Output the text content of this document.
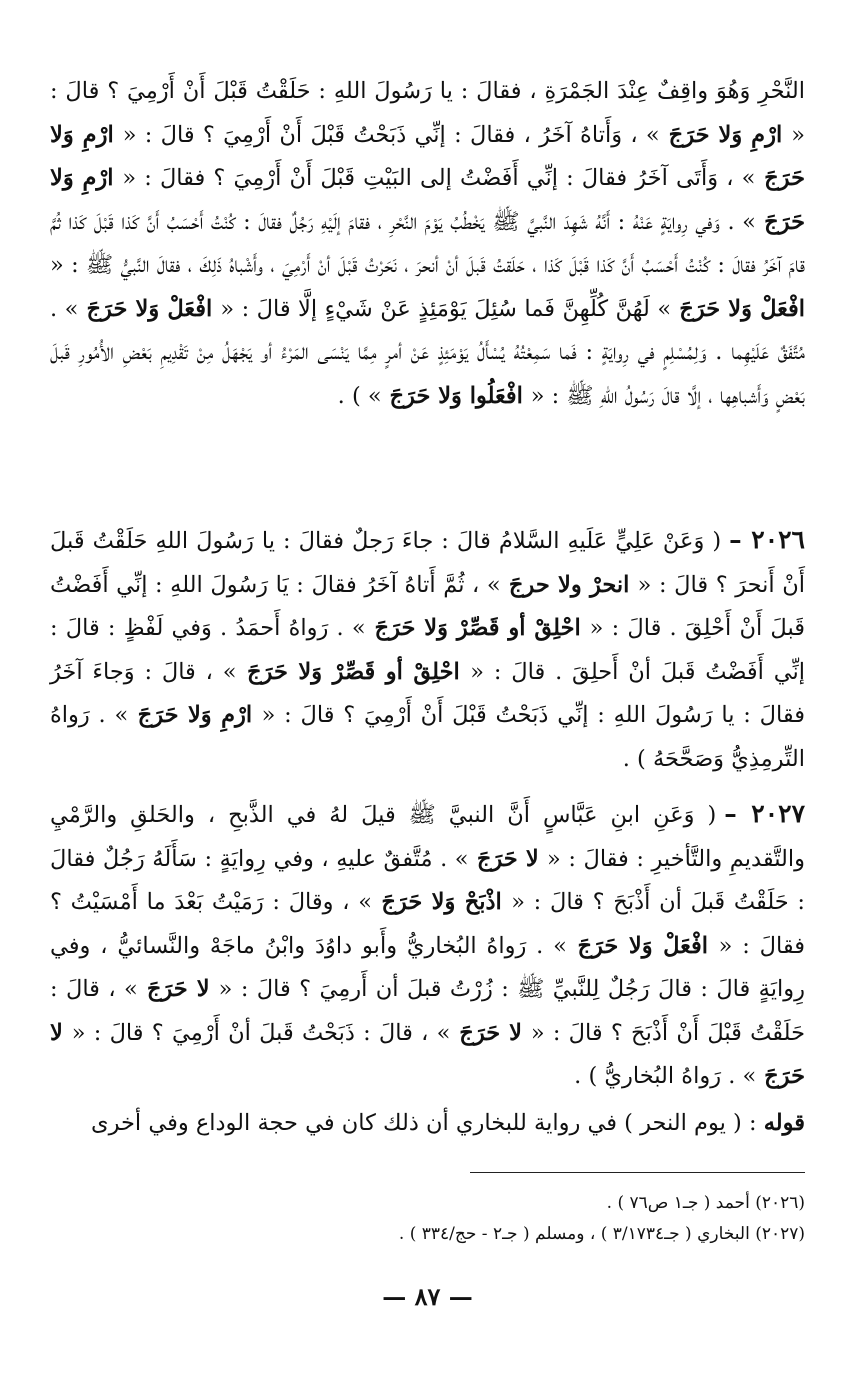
النَّحْرِ وَهُوَ واقِفٌ عِنْدَ الجَمْرَةِ ، فقالَ : يا رَسُولَ اللهِ : حَلَقْتُ قَبْلَ أَنْ أَرْمِيَ ؟ قالَ : « ارْمِ وَلا حَرَجَ » ، وَأَتاهُ آخَرُ ، فقالَ : إنِّي ذَبَحْتُ قَبْلَ أَنْ أَرْمِيَ ؟ قالَ : « ارْمِ وَلا حَرَجَ » ، وَأَتَى آخَرُ فقالَ : إنِّي أَفَضْتُ إلى البَيْتِ قَبْلَ أَنْ أَرْمِيَ ؟ فقالَ : « ارْمِ وَلا حَرَجَ » . وَفي رِوايَةٍ عَنْهُ : أَنَّهُ شَهِدَ النَّبيَّ ﷺ يَخْطُبُ يَوْمَ النَّحْرِ ، فقامَ إلَيْهِ رَجُلٌ فقالَ : كُنْتُ أَحْسَبُ أَنَّ كَذا قَبْلَ كَذا ثُمَّ قامَ آخَرُ فقالَ : كُنْتُ أَحْسَبُ أَنَّ كَذا قَبْلَ كَذا ، حَلَقتُ قَبلَ أنْ أنحرَ ، نَحَرْتُ قَبْلَ أنْ أَرْمِيَ ، وأَشْباهُ ذَلِكَ ، فقالَ النَّبيُّ ﷺ : « افْعَلْ وَلا حَرَجَ » لَهُنَّ كُلِّهِنَّ فَما سُئِلَ يَوْمَئِذٍ عَنْ شَيْءٍ إلَّا قالَ : « افْعَلْ وَلا حَرَجَ » . مُتَّفَقٌ عَلَيْهِما . وَلِمُسْلِمٍ في رِوايَةٍ : فَما سَمِعْتُهُ يُسْأَلُ يَوْمَئِذٍ عَنْ أمرٍ مِمَّا يَنْسَى المَرْءُ أو يَجْهَلُ مِنْ تَقْدِيمِ بَعْضِ الأُمُورِ قَبلَ بَعْضٍ وَأَشباهِها ، إلَّا قالَ رَسُولُ اللهِ ﷺ : « افْعَلُوا وَلا حَرَجَ » ) .

٢٠٢٦ –( وَعَنْ عَلِيٍّ عَلَيهِ السَّلامُ قالَ : جاءَ رَجلٌ فقالَ : يا رَسُولَ اللهِ حَلَقْتُ قَبلَ أَنْ أَنحرَ ؟ قالَ : « انحرْ ولا حرجَ » ، ثُمَّ أَتاهُ آخَرُ فقالَ : يَا رَسُولَ اللهِ : إنِّي أَفَضْتُ قَبلَ أَنْ أَحْلِقَ . قالَ : « احْلِقْ أو قَصِّرْ وَلا حَرَجَ » . رَواهُ أَحمَدُ . وَفي لَفْظٍ : قالَ : إنِّي أَفَضْتُ قَبلَ أنْ أَحلِقَ . قالَ : « احْلِقْ أو قَصِّرْ وَلا حَرَجَ » ، قالَ : وَجاءَ آخَرُ فقالَ : يا رَسُولَ اللهِ : إنِّي ذَبَحْتُ قَبْلَ أَنْ أَرْمِيَ ؟ قالَ : « ارْمِ وَلا حَرَجَ » . رَواهُ التِّرمِذِيُّ وَصَحَّحَهُ ) .

٢٠٢٧ –( وَعَنِ ابنِ عَبَّاسٍ أَنَّ النبيَّ ﷺ قيلَ لهُ في الذَّبحِ ، والحَلقِ والرَّمْيِ والتَّقديمِ والتَّأخيرِ : فقالَ : « لا حَرَجَ » . مُتَّفقٌ عليهِ ، وفي رِوايَةٍ : سَأَلَهُ رَجُلٌ فقالَ : حَلَقْتُ قَبلَ أن أَذْبَحَ ؟ قالَ : « اذْبَحْ وَلا حَرَجَ » ، وقالَ : رَمَيْتُ بَعْدَ ما أَمْسَيْتُ ؟ فقالَ : « افْعَلْ وَلا حَرَجَ » . رَواهُ البُخاريُّ وأَبو داوُدَ وابْنُ ماجَهْ والنَّسائيُّ ، وفي رِوايَةٍ قالَ : قالَ رَجُلٌ لِلنَّبيِّ ﷺ : زُرْتُ قبلَ أن أَرمِيَ ؟ قالَ : « لا حَرَجَ » ، قالَ : حَلَقْتُ قَبْلَ أَنْ أَذْبَحَ ؟ قالَ : « لا حَرَجَ » ، قالَ : ذَبَحْتُ قَبلَ أنْ أَرْمِيَ ؟ قالَ : « لا حَرَجَ » . رَواهُ البُخاريُّ ) .

قوله : ( يوم النحر ) في رواية للبخاري أن ذلك كان في حجة الوداع وفي أخرى

(٢٠٢٦) أحمد ( جـ١ ص٧٦ ) .
(٢٠٢٧) البخاري ( جـ٣/١٧٣٤ ) ، ومسلم ( جـ٢ - حج/٣٣٤ ) .
— ٨٧ —
